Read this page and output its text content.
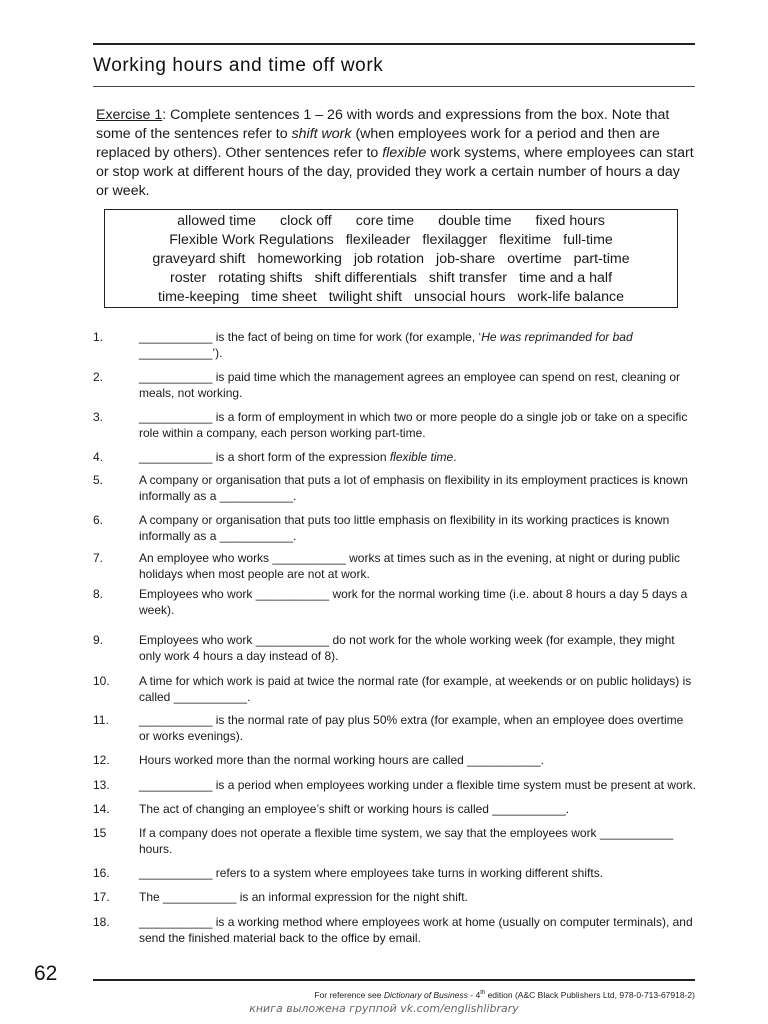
Working hours and time off work
Exercise 1: Complete sentences 1 – 26 with words and expressions from the box. Note that some of the sentences refer to shift work (when employees work for a period and then are replaced by others). Other sentences refer to flexible work systems, where employees can start or stop work at different hours of the day, provided they work a certain number of hours a day or week.
allowed time clock off core time double time fixed hours
Flexible Work Regulations flexileader flexilagger flexitime full-time
graveyard shift homeworking job rotation job-share overtime part-time
roster rotating shifts shift differentials shift transfer time and a half
time-keeping time sheet twilight shift unsocial hours work-life balance
1.	___________ is the fact of being on time for work (for example, ‘He was reprimanded for bad ___________’).
2.	___________ is paid time which the management agrees an employee can spend on rest, cleaning or meals, not working.
3.	___________ is a form of employment in which two or more people do a single job or take on a specific role within a company, each person working part-time.
4.	___________ is a short form of the expression flexible time.
5.	A company or organisation that puts a lot of emphasis on flexibility in its employment practices is known informally as a ___________.
6.	A company or organisation that puts too little emphasis on flexibility in its working practices is known informally as a ___________.
7.	An employee who works ___________ works at times such as in the evening, at night or during public holidays when most people are not at work.
8.	Employees who work ___________ work for the normal working time (i.e. about 8 hours a day 5 days a week).
9.	Employees who work ___________ do not work for the whole working week (for example, they might only work 4 hours a day instead of 8).
10. A time for which work is paid at twice the normal rate (for example, at weekends or on public holidays) is called ___________.
11.	___________ is the normal rate of pay plus 50% extra (for example, when an employee does overtime or works evenings).
12. Hours worked more than the normal working hours are called ___________.
13. ___________ is a period when employees working under a flexible time system must be present at work.
14. The act of changing an employee’s shift or working hours is called ___________.
15	If a company does not operate a flexible time system, we say that the employees work ___________ hours.
16. ___________ refers to a system where employees take turns in working different shifts.
17. The ___________ is an informal expression for the night shift.
18. ___________ is a working method where employees work at home (usually on computer terminals), and send the finished material back to the office by email.
62
For reference see Dictionary of Business - 4th edition (A&C Black Publishers Ltd, 978-0-713-67918-2)
книга выложена группой vk.com/englishlibrary
